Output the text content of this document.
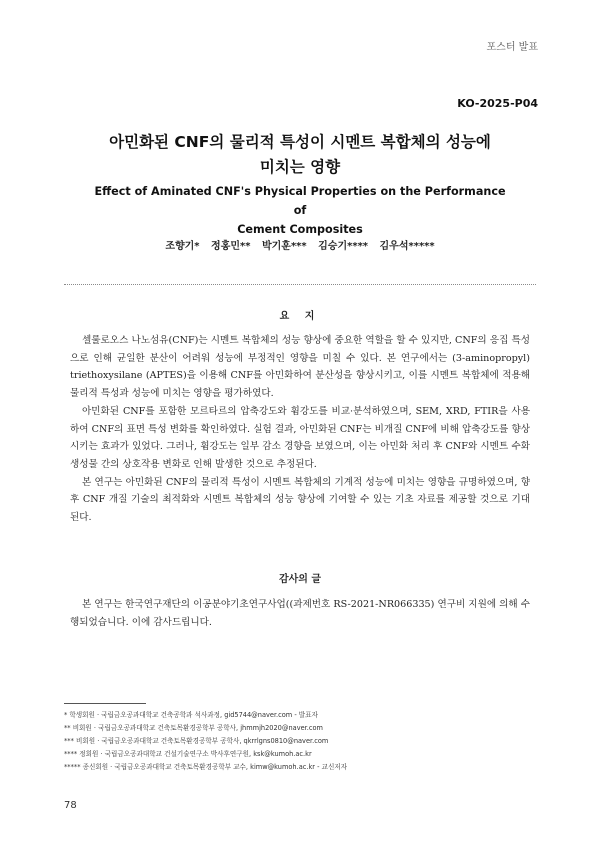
포스터 발표
KO-2025-P04
아민화된 CNF의 물리적 특성이 시멘트 복합체의 성능에
미치는 영향
Effect of Aminated CNF's Physical Properties on the Performance of
Cement Composites
조향기* 정홍민** 박기훈*** 김승기**** 김우석*****
요 지

셀룰로오스 나노섬유(CNF)는 시멘트 복합체의 성능 향상에 중요한 역할을 할 수 있지만, CNF의 응집 특성으로 인해 균일한 분산이 어려워 성능에 부정적인 영향을 미칠 수 있다. 본 연구에서는 (3-aminopropyl) triethoxysilane (APTES)을 이용해 CNF를 아민화하여 분산성을 향상시키고, 이를 시멘트 복합체에 적용해 물리적 특성과 성능에 미치는 영향을 평가하였다.

아민화된 CNF를 포함한 모르타르의 압축강도와 휨강도를 비교·분석하였으며, SEM, XRD, FTIR을 사용하여 CNF의 표면 특성 변화를 확인하였다. 실험 결과, 아민화된 CNF는 비개질 CNF에 비해 압축강도를 향상시키는 효과가 있었다. 그러나, 휨강도는 일부 감소 경향을 보였으며, 이는 아민화 처리 후 CNF와 시멘트 수화 생성물 간의 상호작용 변화로 인해 발생한 것으로 추정된다.

본 연구는 아민화된 CNF의 물리적 특성이 시멘트 복합체의 기계적 성능에 미치는 영향을 규명하였으며, 향후 CNF 개질 기술의 최적화와 시멘트 복합체의 성능 향상에 기여할 수 있는 기초 자료를 제공할 것으로 기대된다.

감사의 글

본 연구는 한국연구재단의 이공분야기초연구사업((과제번호 RS-2021-NR066335) 연구비 지원에 의해 수행되었습니다. 이에 감사드립니다.

* 학생회원 · 국립금오공과대학교 건축공학과 석사과정, gid5744@naver.com - 발표자
** 비회원 · 국립금오공과대학교 건축토목환경공학부 공학사, jhmmjh2020@naver.com
*** 비회원 · 국립금오공과대학교 건축토목환경공학부 공학사, qkrrlgns0810@naver.com
**** 정회원 · 국립금오공과대학교 건설기술연구소 박사후연구원, ksk@kumoh.ac.kr
***** 종신회원 · 국립금오공과대학교 건축토목환경공학부 교수, kimw@kumoh.ac.kr - 교신저자
78
